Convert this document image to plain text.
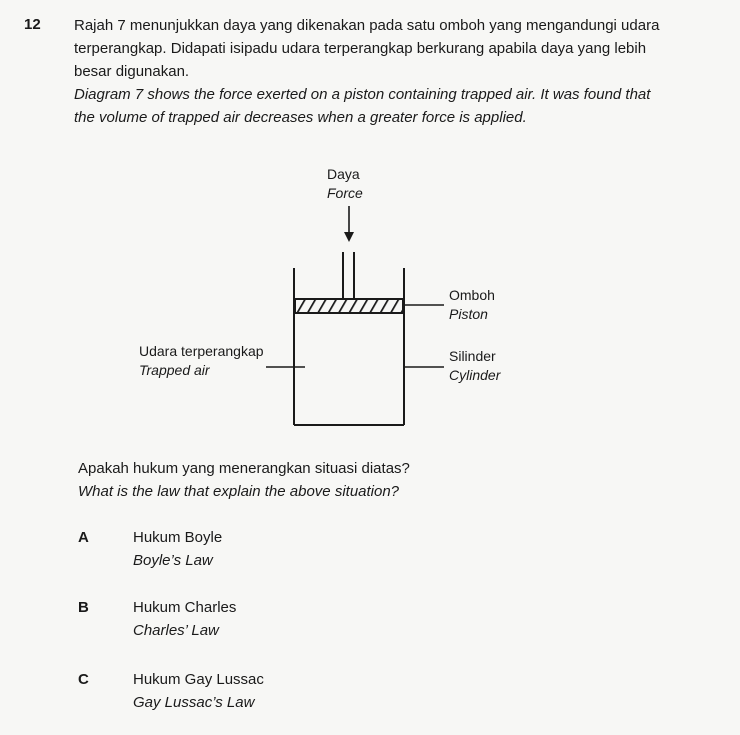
12 Rajah 7 menunjukkan daya yang dikenakan pada satu omboh yang mengandungi udara

terperangkap. Didapati isipadu udara terperangkap berkurang apabila daya yang lebih

besar digunakan.

Diagram 7 shows the force exerted on a piston containing trapped air. It was found that

the volume of trapped air decreases when a greater force is applied.

Daya
Force
Omboh
Piston
Udara terperangkap
Trapped air
Silinder
Cylinder

Apakah hukum yang menerangkan situasi diatas?

What is the law that explain the above situation?

A	Hukum Boyle

Boyle’s Law

B	Hukum Charles

Charles’ Law

C	Hukum Gay Lussac

Gay Lussac’s Law
